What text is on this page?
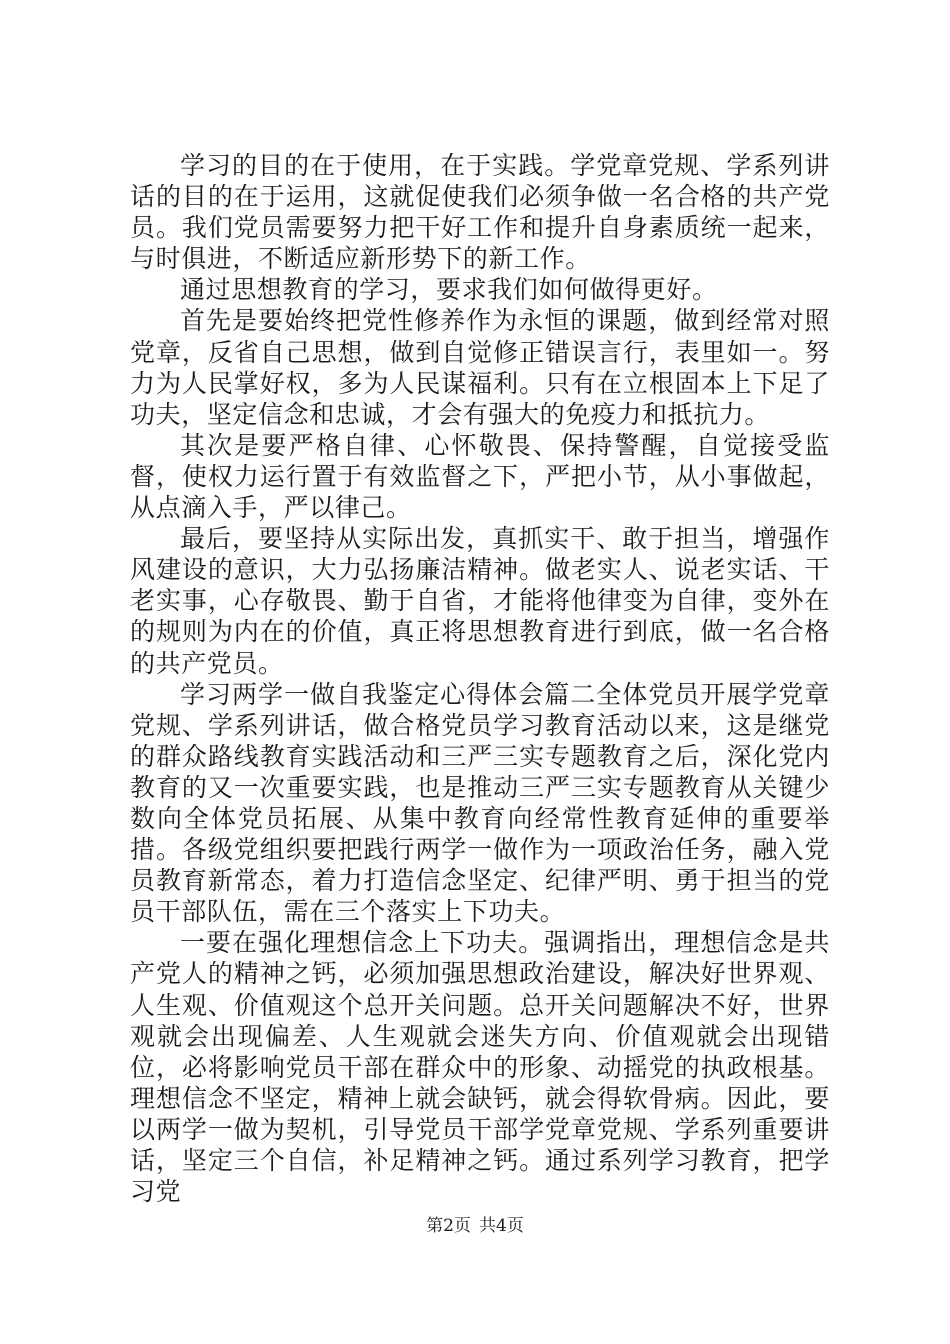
学习的目的在于使用，在于实践。学党章党规、学系列讲话的目的在于运用，这就促使我们必须争做一名合格的共产党员。我们党员需要努力把干好工作和提升自身素质统一起来，与时俱进，不断适应新形势下的新工作。

通过思想教育的学习，要求我们如何做得更好。

首先是要始终把党性修养作为永恒的课题，做到经常对照党章，反省自己思想，做到自觉修正错误言行，表里如一。努力为人民掌好权，多为人民谋福利。只有在立根固本上下足了功夫，坚定信念和忠诚，才会有强大的免疫力和抵抗力。

其次是要严格自律、心怀敬畏、保持警醒，自觉接受监督，使权力运行置于有效监督之下，严把小节，从小事做起，从点滴入手，严以律己。

最后，要坚持从实际出发，真抓实干、敢于担当，增强作风建设的意识，大力弘扬廉洁精神。做老实人、说老实话、干老实事，心存敬畏、勤于自省，才能将他律变为自律，变外在的规则为内在的价值，真正将思想教育进行到底，做一名合格的共产党员。

学习两学一做自我鉴定心得体会篇二全体党员开展学党章党规、学系列讲话，做合格党员学习教育活动以来，这是继党的群众路线教育实践活动和三严三实专题教育之后，深化党内教育的又一次重要实践，也是推动三严三实专题教育从关键少数向全体党员拓展、从集中教育向经常性教育延伸的重要举措。各级党组织要把践行两学一做作为一项政治任务，融入党员教育新常态，着力打造信念坚定、纪律严明、勇于担当的党员干部队伍，需在三个落实上下功夫。

一要在强化理想信念上下功夫。强调指出，理想信念是共产党人的精神之钙，必须加强思想政治建设，解决好世界观、人生观、价值观这个总开关问题。总开关问题解决不好，世界观就会出现偏差、人生观就会迷失方向、价值观就会出现错位，必将影响党员干部在群众中的形象、动摇党的执政根基。理想信念不坚定，精神上就会缺钙，就会得软骨病。因此，要以两学一做为契机，引导党员干部学党章党规、学系列重要讲话，坚定三个自信，补足精神之钙。通过系列学习教育，把学习党

第2页 共4页
